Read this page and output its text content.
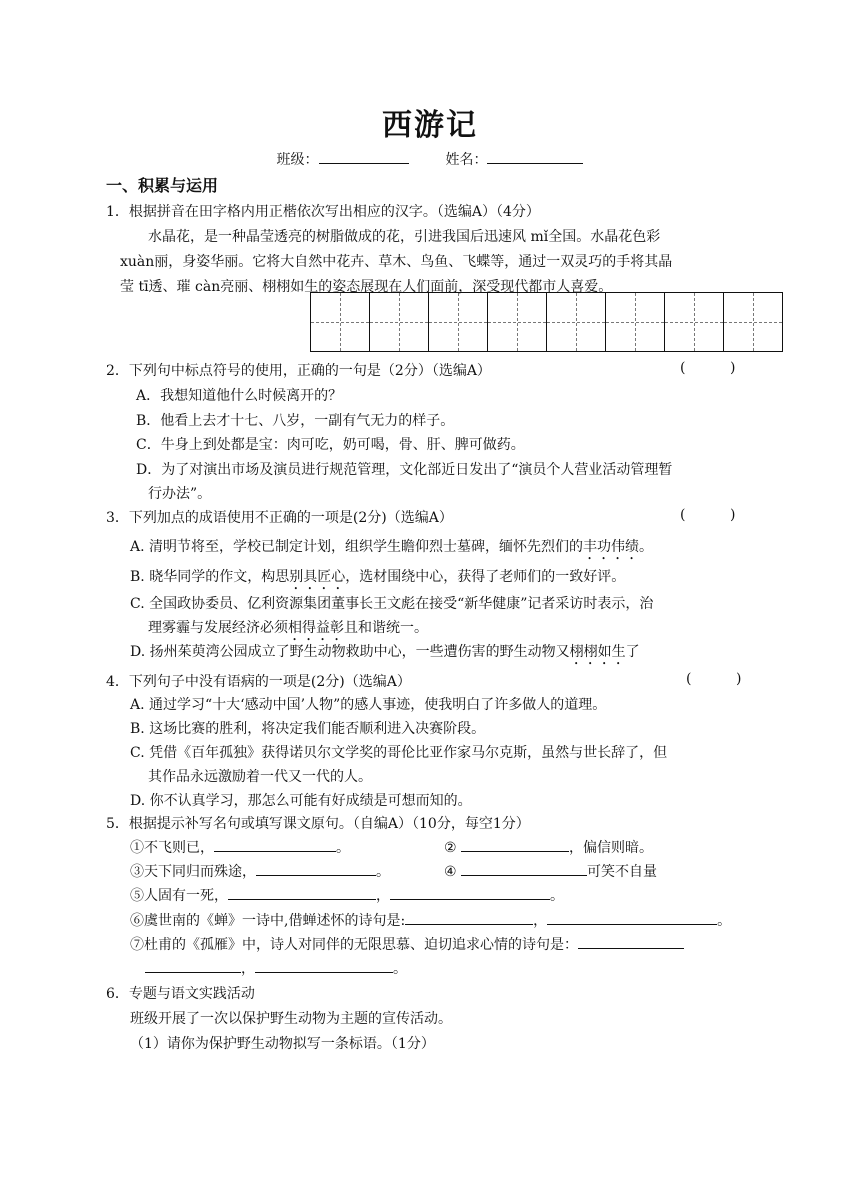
西游记
班级：	姓名：
一、积累与运用
1．根据拼音在田字格内用正楷依次写出相应的汉字。（选编A）（4分）
水晶花，是一种晶莹透亮的树脂做成的花，引进我国后迅速风 mǐ全国。水晶花色彩
xuàn丽，身姿华丽。它将大自然中花卉、草木、鸟鱼、飞蝶等，通过一双灵巧的手将其晶
莹 tī透、璀 càn亮丽、栩栩如生的姿态展现在人们面前，深受现代都市人喜爱。
2．下列句中标点符号的使用，正确的一句是（2分）（选编A）	(          )
A．我想知道他什么时候离开的？
B．他看上去才十七、八岁，一副有气无力的样子。
C．牛身上到处都是宝：肉可吃，奶可喝，骨、肝、脾可做药。
D．为了对演出市场及演员进行规范管理，文化部近日发出了“演员个人营业活动管理暂
行办法”。
3．下列加点的成语使用不正确的一项是(2分)（选编A）	(          )
A. 清明节将至，学校已制定计划，组织学生瞻仰烈士墓碑，缅怀先烈们的丰功伟绩。
B. 晓华同学的作文，构思别具匠心，选材围绕中心，获得了老师们的一致好评。
C. 全国政协委员、亿利资源集团董事长王文彪在接受“新华健康”记者采访时表示，治
理雾霾与发展经济必须相得益彰且和谐统一。
D. 扬州茱萸湾公园成立了野生动物救助中心，一些遭伤害的野生动物又栩栩如生了
4．下列句子中没有语病的一项是(2分)（选编A）	(          )
A. 通过学习“十大‘感动中国’人物”的感人事迹，使我明白了许多做人的道理。
B. 这场比赛的胜利，将决定我们能否顺利进入决赛阶段。
C. 凭借《百年孤独》获得诺贝尔文学奖的哥伦比亚作家马尔克斯，虽然与世长辞了，但
其作品永远激励着一代又一代的人。
D. 你不认真学习，那怎么可能有好成绩是可想而知的。
5．根据提示补写名句或填写课文原句。（自编A）（10分，每空1分）
①不飞则已，	。	②	，偏信则暗。
③天下同归而殊途，	。	④	可笑不自量
⑤人固有一死，	，	。
⑥虞世南的《蝉》一诗中,借蝉述怀的诗句是:	，	。
⑦杜甫的《孤雁》中，诗人对同伴的无限思慕、迫切追求心情的诗句是：
，	。
6．专题与语文实践活动
班级开展了一次以保护野生动物为主题的宣传活动。
（1）请你为保护野生动物拟写一条标语。（1分）
